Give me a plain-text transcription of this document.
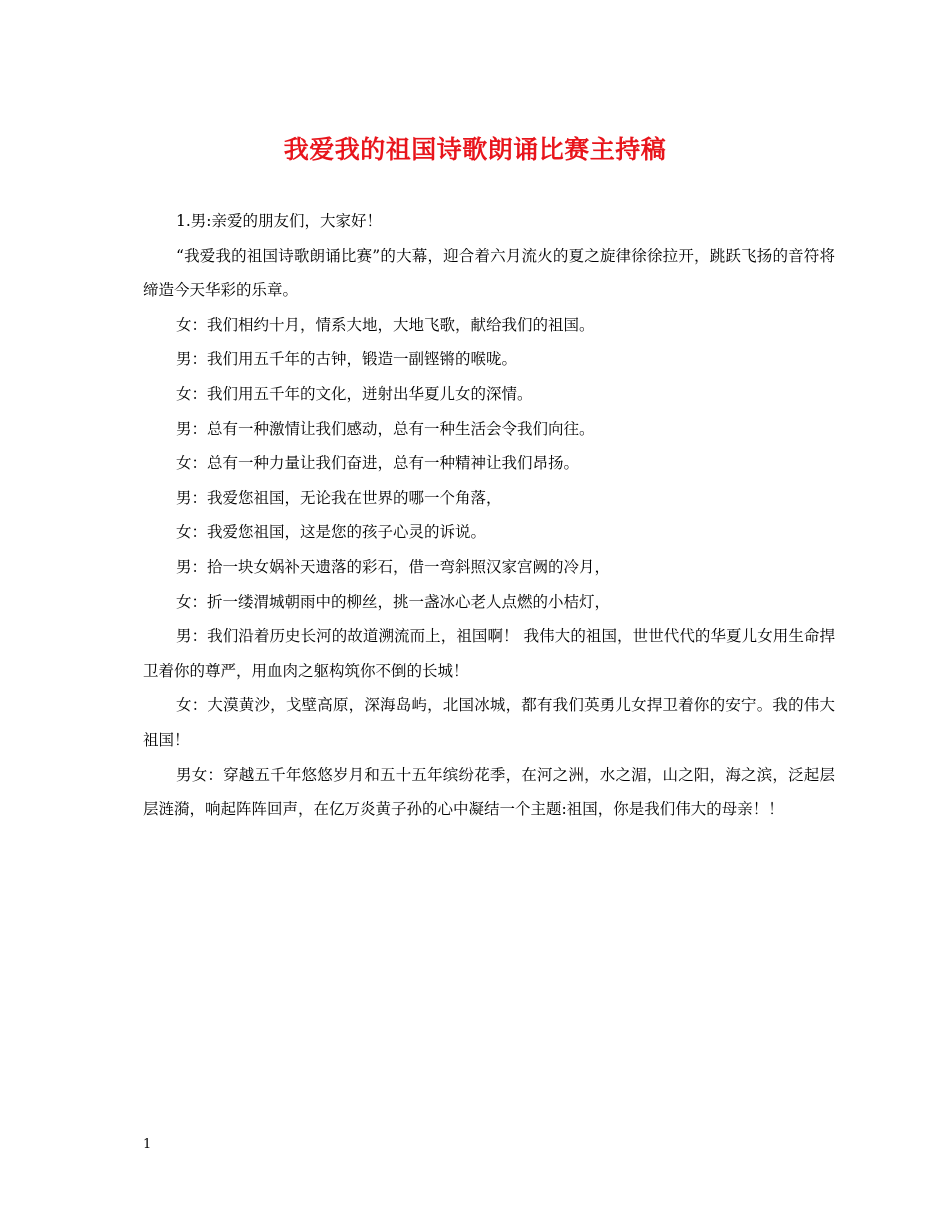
我爱我的祖国诗歌朗诵比赛主持稿

1.男:亲爱的朋友们，大家好！

“我爱我的祖国诗歌朗诵比赛”的大幕，迎合着六月流火的夏之旋律徐徐拉开，跳跃飞扬的音符将缔造今天华彩的乐章。

女：我们相约十月，情系大地，大地飞歌，献给我们的祖国。

男：我们用五千年的古钟，锻造一副铿锵的喉咙。

女：我们用五千年的文化，迸射出华夏儿女的深情。

男：总有一种激情让我们感动，总有一种生活会令我们向往。

女：总有一种力量让我们奋进，总有一种精神让我们昂扬。

男：我爱您祖国，无论我在世界的哪一个角落，

女：我爱您祖国，这是您的孩子心灵的诉说。

男：拾一块女娲补天遗落的彩石，借一弯斜照汉家宫阙的冷月，

女：折一缕渭城朝雨中的柳丝，挑一盏冰心老人点燃的小桔灯，

男：我们沿着历史长河的故道溯流而上，祖国啊！ 我伟大的祖国，世世代代的华夏儿女用生命捍卫着你的尊严，用血肉之躯构筑你不倒的长城！

女：大漠黄沙，戈壁高原，深海岛屿，北国冰城，都有我们英勇儿女捍卫着你的安宁。我的伟大祖国！

男女：穿越五千年悠悠岁月和五十五年缤纷花季，在河之洲，水之湄，山之阳，海之滨，泛起层层涟漪，响起阵阵回声，在亿万炎黄子孙的心中凝结一个主题:祖国，你是我们伟大的母亲！！

1
